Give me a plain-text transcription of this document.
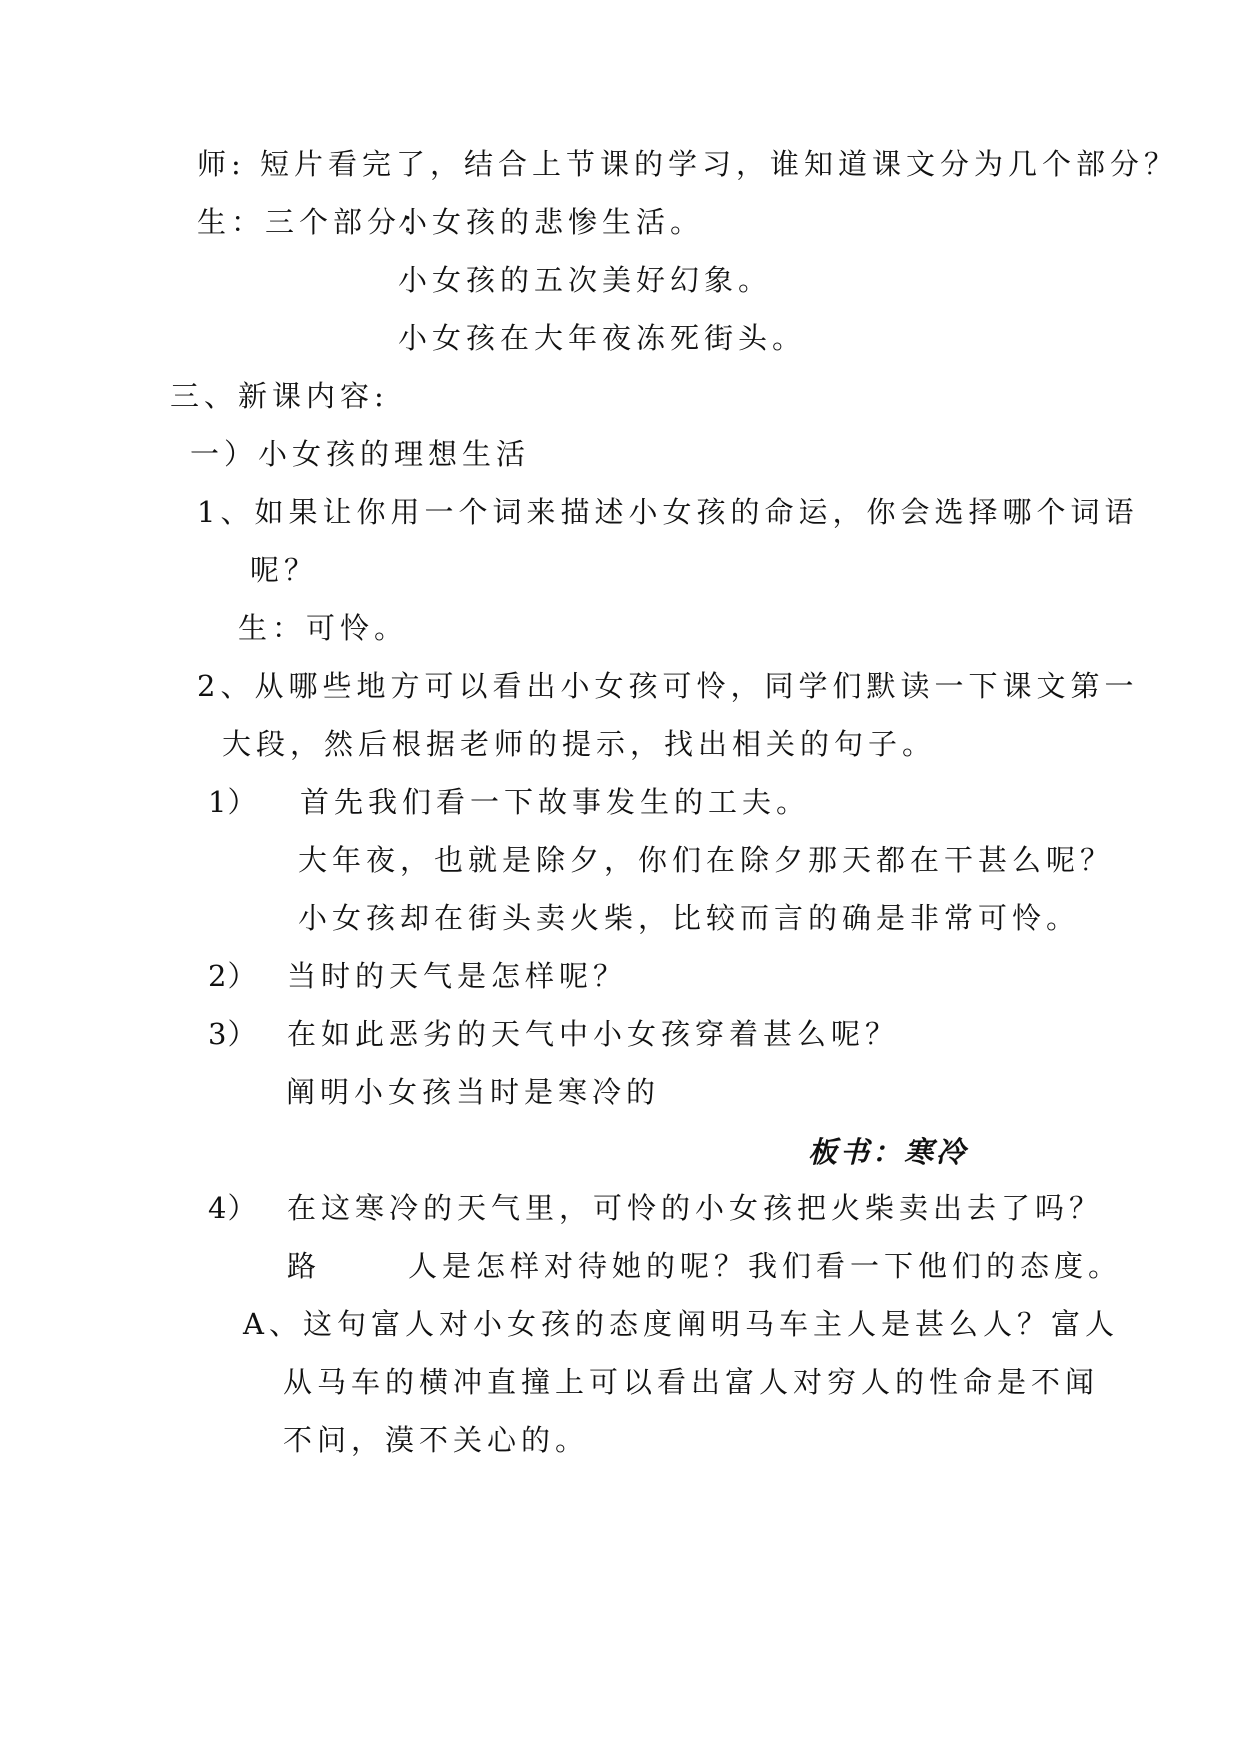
师: 短片看完了，结合上节课的学习，谁知道课文分为几个部分？
生：三个部分：
小女孩的悲惨生活。
小女孩的五次美好幻象。
小女孩在大年夜冻死街头。
三、新课内容:
一）小女孩的理想生活
1、如果让你用一个词来描述小女孩的命运，你会选择哪个词语
呢？
生：可怜。
2、从哪些地方可以看出小女孩可怜，同学们默读一下课文第一
大段，然后根据老师的提示，找出相关的句子。
1） 首先我们看一下故事发生的工夫。
大年夜，也就是除夕，你们在除夕那天都在干甚么呢？
小女孩却在街头卖火柴，比较而言的确是非常可怜。
2） 当时的天气是怎样呢？
3） 在如此恶劣的天气中小女孩穿着甚么呢？
阐明小女孩当时是寒冷的
板书：寒冷
4） 在这寒冷的天气里，可怜的小女孩把火柴卖出去了吗？
路	人是怎样对待她的呢？我们看一下他们的态度。
A、这句富人对小女孩的态度阐明马车主人是甚么人？富人
从马车的横冲直撞上可以看出富人对穷人的性命是不闻
不问，漠不关心的。
